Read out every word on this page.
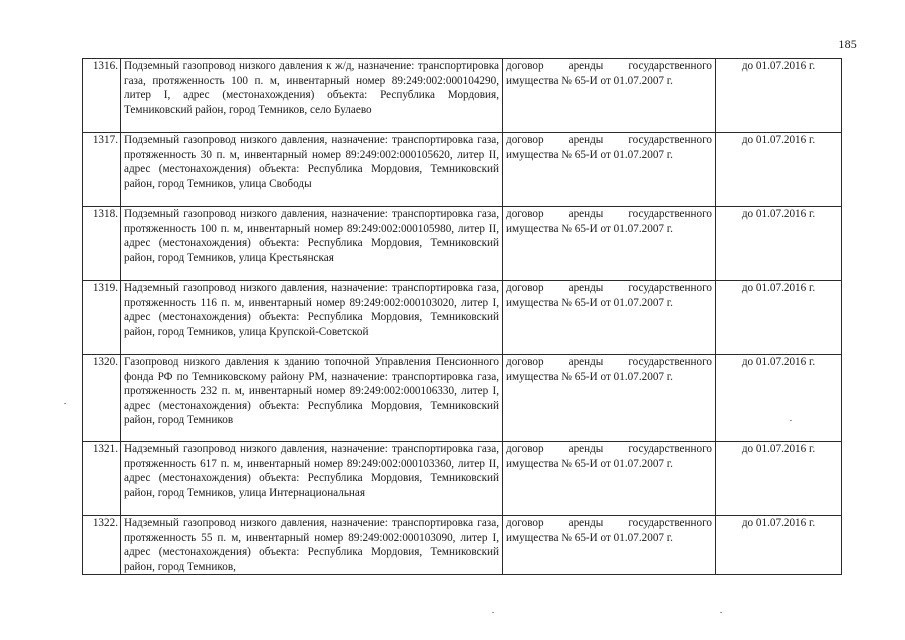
185
1316.	Подземный газопровод низкого давления к ж/д, назначение: транспортировка газа, протяженность 100 п. м, инвентарный номер 89:249:002:000104290, литер I, адрес (местонахождения) объекта: Республика Мордовия, Темниковский район, город Темников, село Булаево	договор аренды государственного имущества № 65-И от 01.07.2007 г.	до 01.07.2016 г.
1317.	Подземный газопровод низкого давления, назначение: транспортировка газа, протяженность 30 п. м, инвентарный номер 89:249:002:000105620, литер II, адрес (местонахождения) объекта: Республика Мордовия, Темниковский район, город Темников, улица Свободы	договор аренды государственного имущества № 65-И от 01.07.2007 г.	до 01.07.2016 г.
1318.	Подземный газопровод низкого давления, назначение: транспортировка газа, протяженность 100 п. м, инвентарный номер 89:249:002:000105980, литер II, адрес (местонахождения) объекта: Республика Мордовия, Темниковский район, город Темников, улица Крестьянская	договор аренды государственного имущества № 65-И от 01.07.2007 г.	до 01.07.2016 г.
1319.	Надземный газопровод низкого давления, назначение: транспортировка газа, протяженность 116 п. м, инвентарный номер 89:249:002:000103020, литер I, адрес (местонахождения) объекта: Республика Мордовия, Темниковский район, город Темников, улица Крупской-Советской	договор аренды государственного имущества № 65-И от 01.07.2007 г.	до 01.07.2016 г.
1320.	Газопровод низкого давления к зданию топочной Управления Пенсионного фонда РФ по Темниковскому району РМ, назначение: транспортировка газа, протяженность 232 п. м, инвентарный номер 89:249:002:000106330, литер I, адрес (местонахождения) объекта: Республика Мордовия, Темниковский район, город Темников	договор аренды государственного имущества № 65-И от 01.07.2007 г.	до 01.07.2016 г.
1321.	Надземный газопровод низкого давления, назначение: транспортировка газа, протяженность 617 п. м, инвентарный номер 89:249:002:000103360, литер II, адрес (местонахождения) объекта: Республика Мордовия, Темниковский район, город Темников, улица Интернациональная	договор аренды государственного имущества № 65-И от 01.07.2007 г.	до 01.07.2016 г.
1322.	Надземный газопровод низкого давления, назначение: транспортировка газа, протяженность 55 п. м, инвентарный номер 89:249:002:000103090, литер I, адрес (местонахождения) объекта: Республика Мордовия, Темниковский район, город Темников,	договор аренды государственного имущества № 65-И от 01.07.2007 г.	до 01.07.2016 г.
